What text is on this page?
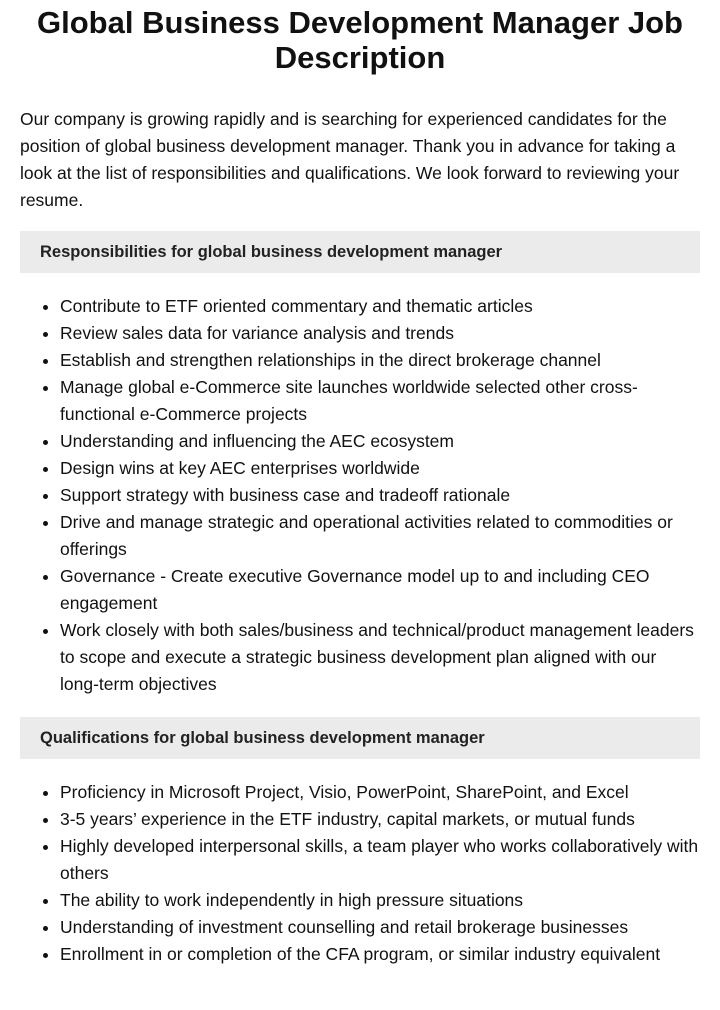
Global Business Development Manager Job Description

Our company is growing rapidly and is searching for experienced candidates for the position of global business development manager. Thank you in advance for taking a look at the list of responsibilities and qualifications. We look forward to reviewing your resume.

Responsibilities for global business development manager
• Contribute to ETF oriented commentary and thematic articles
• Review sales data for variance analysis and trends
• Establish and strengthen relationships in the direct brokerage channel
• Manage global e-Commerce site launches worldwide selected other cross-functional e-Commerce projects
• Understanding and influencing the AEC ecosystem
• Design wins at key AEC enterprises worldwide
• Support strategy with business case and tradeoff rationale
• Drive and manage strategic and operational activities related to commodities or offerings
• Governance - Create executive Governance model up to and including CEO engagement
• Work closely with both sales/business and technical/product management leaders to scope and execute a strategic business development plan aligned with our long-term objectives
Qualifications for global business development manager
• Proficiency in Microsoft Project, Visio, PowerPoint, SharePoint, and Excel
• 3-5 years’ experience in the ETF industry, capital markets, or mutual funds
• Highly developed interpersonal skills, a team player who works collaboratively with others
• The ability to work independently in high pressure situations
• Understanding of investment counselling and retail brokerage businesses
• Enrollment in or completion of the CFA program, or similar industry equivalent
